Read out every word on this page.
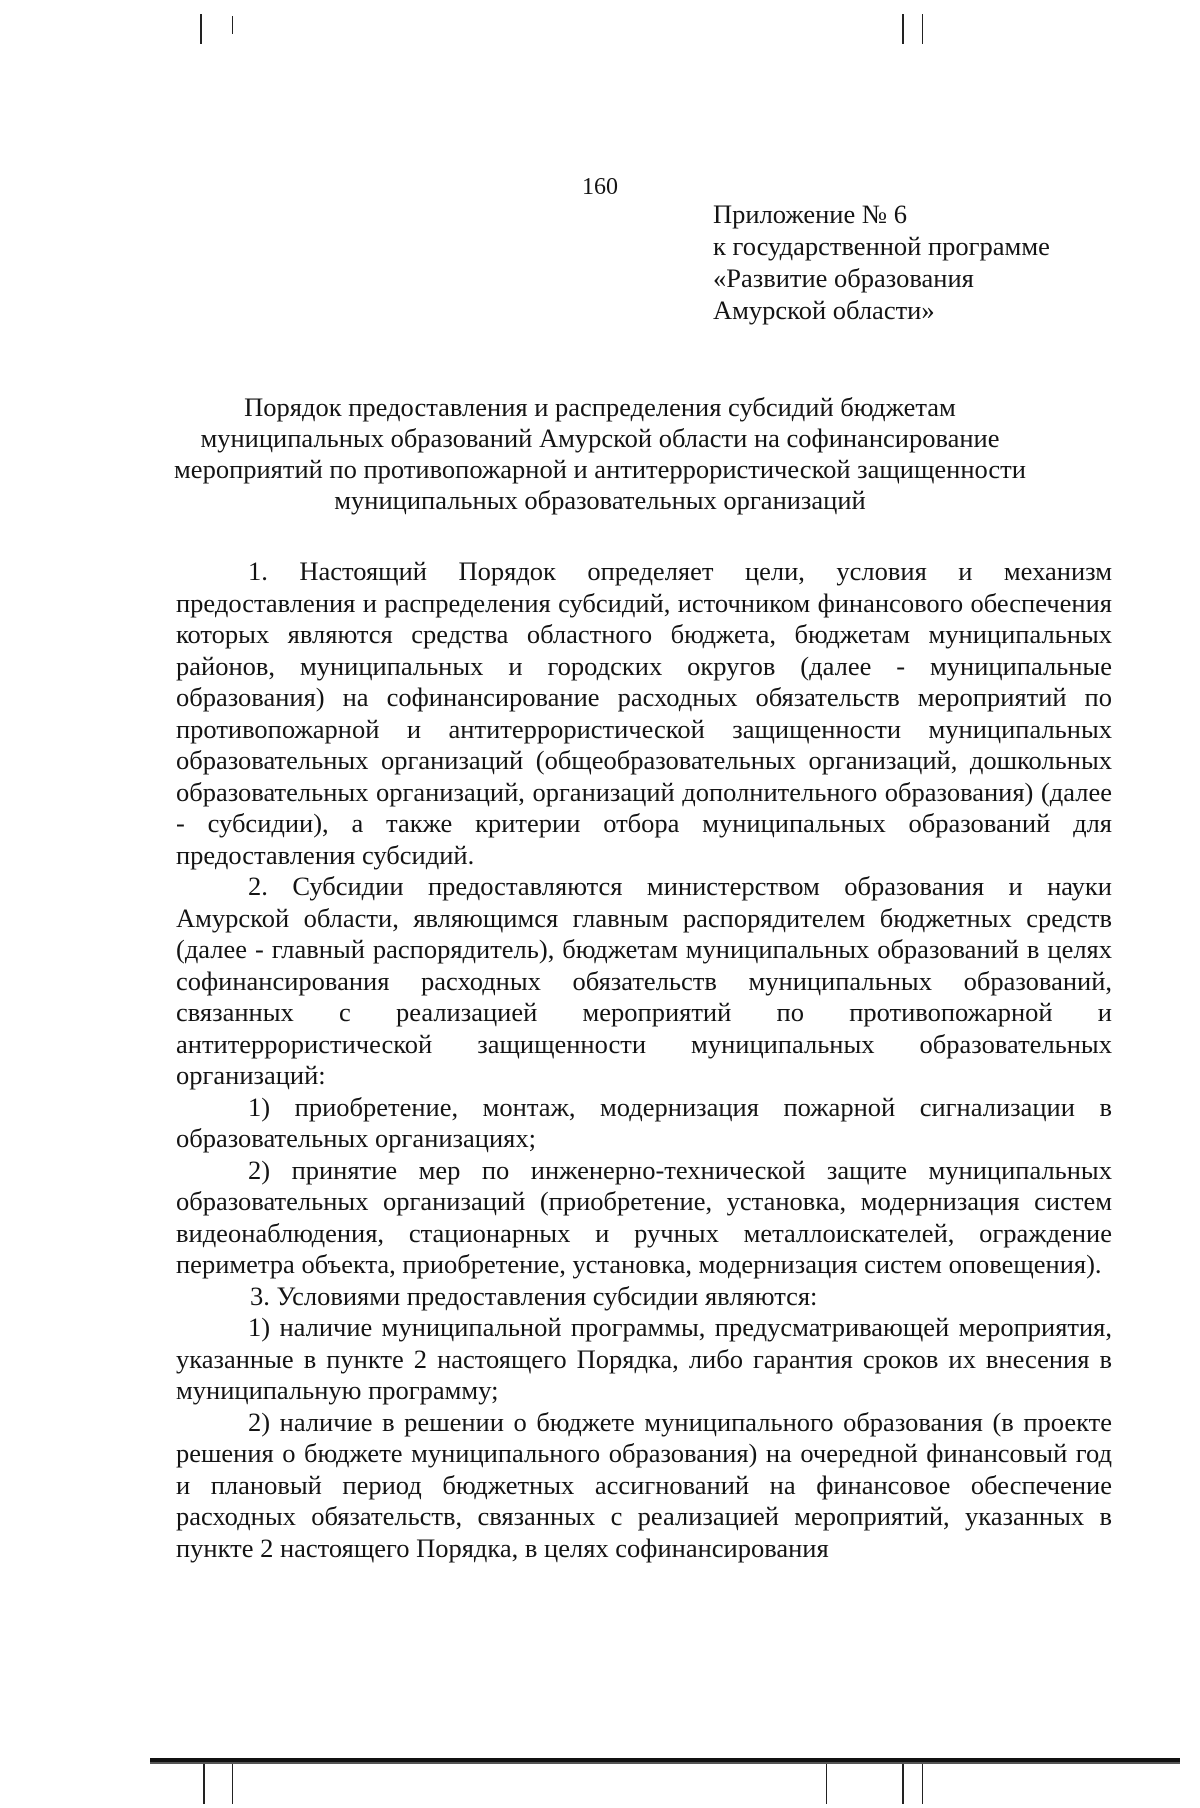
160
Приложение № 6
к государственной программе
«Развитие образования
Амурской области»
Порядок предоставления и распределения субсидий бюджетам
муниципальных образований Амурской области на софинансирование
мероприятий по противопожарной и антитеррористической защищенности
муниципальных образовательных организаций

1. Настоящий Порядок определяет цели, условия и механизм предоставления и распределения субсидий, источником финансового обеспечения которых являются средства областного бюджета, бюджетам муниципальных районов, муниципальных и городских округов (далее - муниципальные образования) на софинансирование расходных обязательств мероприятий по противопожарной и антитеррористической защищенности муниципальных образовательных организаций (общеобразовательных организаций, дошкольных образовательных организаций, организаций дополнительного образования) (далее - субсидии), а также критерии отбора муниципальных образований для предоставления субсидий.

2. Субсидии предоставляются министерством образования и науки Амурской области, являющимся главным распорядителем бюджетных средств (далее - главный распорядитель), бюджетам муниципальных образований в целях софинансирования расходных обязательств муниципальных образований, связанных с реализацией мероприятий по противопожарной и антитеррористической защищенности муниципальных образовательных организаций:

1) приобретение, монтаж, модернизация пожарной сигнализации в образовательных организациях;

2) принятие мер по инженерно-технической защите муниципальных образовательных организаций (приобретение, установка, модернизация систем видеонаблюдения, стационарных и ручных металлоискателей, ограждение периметра объекта, приобретение, установка, модернизация систем оповещения).

3. Условиями предоставления субсидии являются:

1) наличие муниципальной программы, предусматривающей мероприятия, указанные в пункте 2 настоящего Порядка, либо гарантия сроков их внесения в муниципальную программу;

2) наличие в решении о бюджете муниципального образования (в проекте решения о бюджете муниципального образования) на очередной финансовый год и плановый период бюджетных ассигнований на финансовое обеспечение расходных обязательств, связанных с реализацией мероприятий, указанных в пункте 2 настоящего Порядка, в целях софинансирования
